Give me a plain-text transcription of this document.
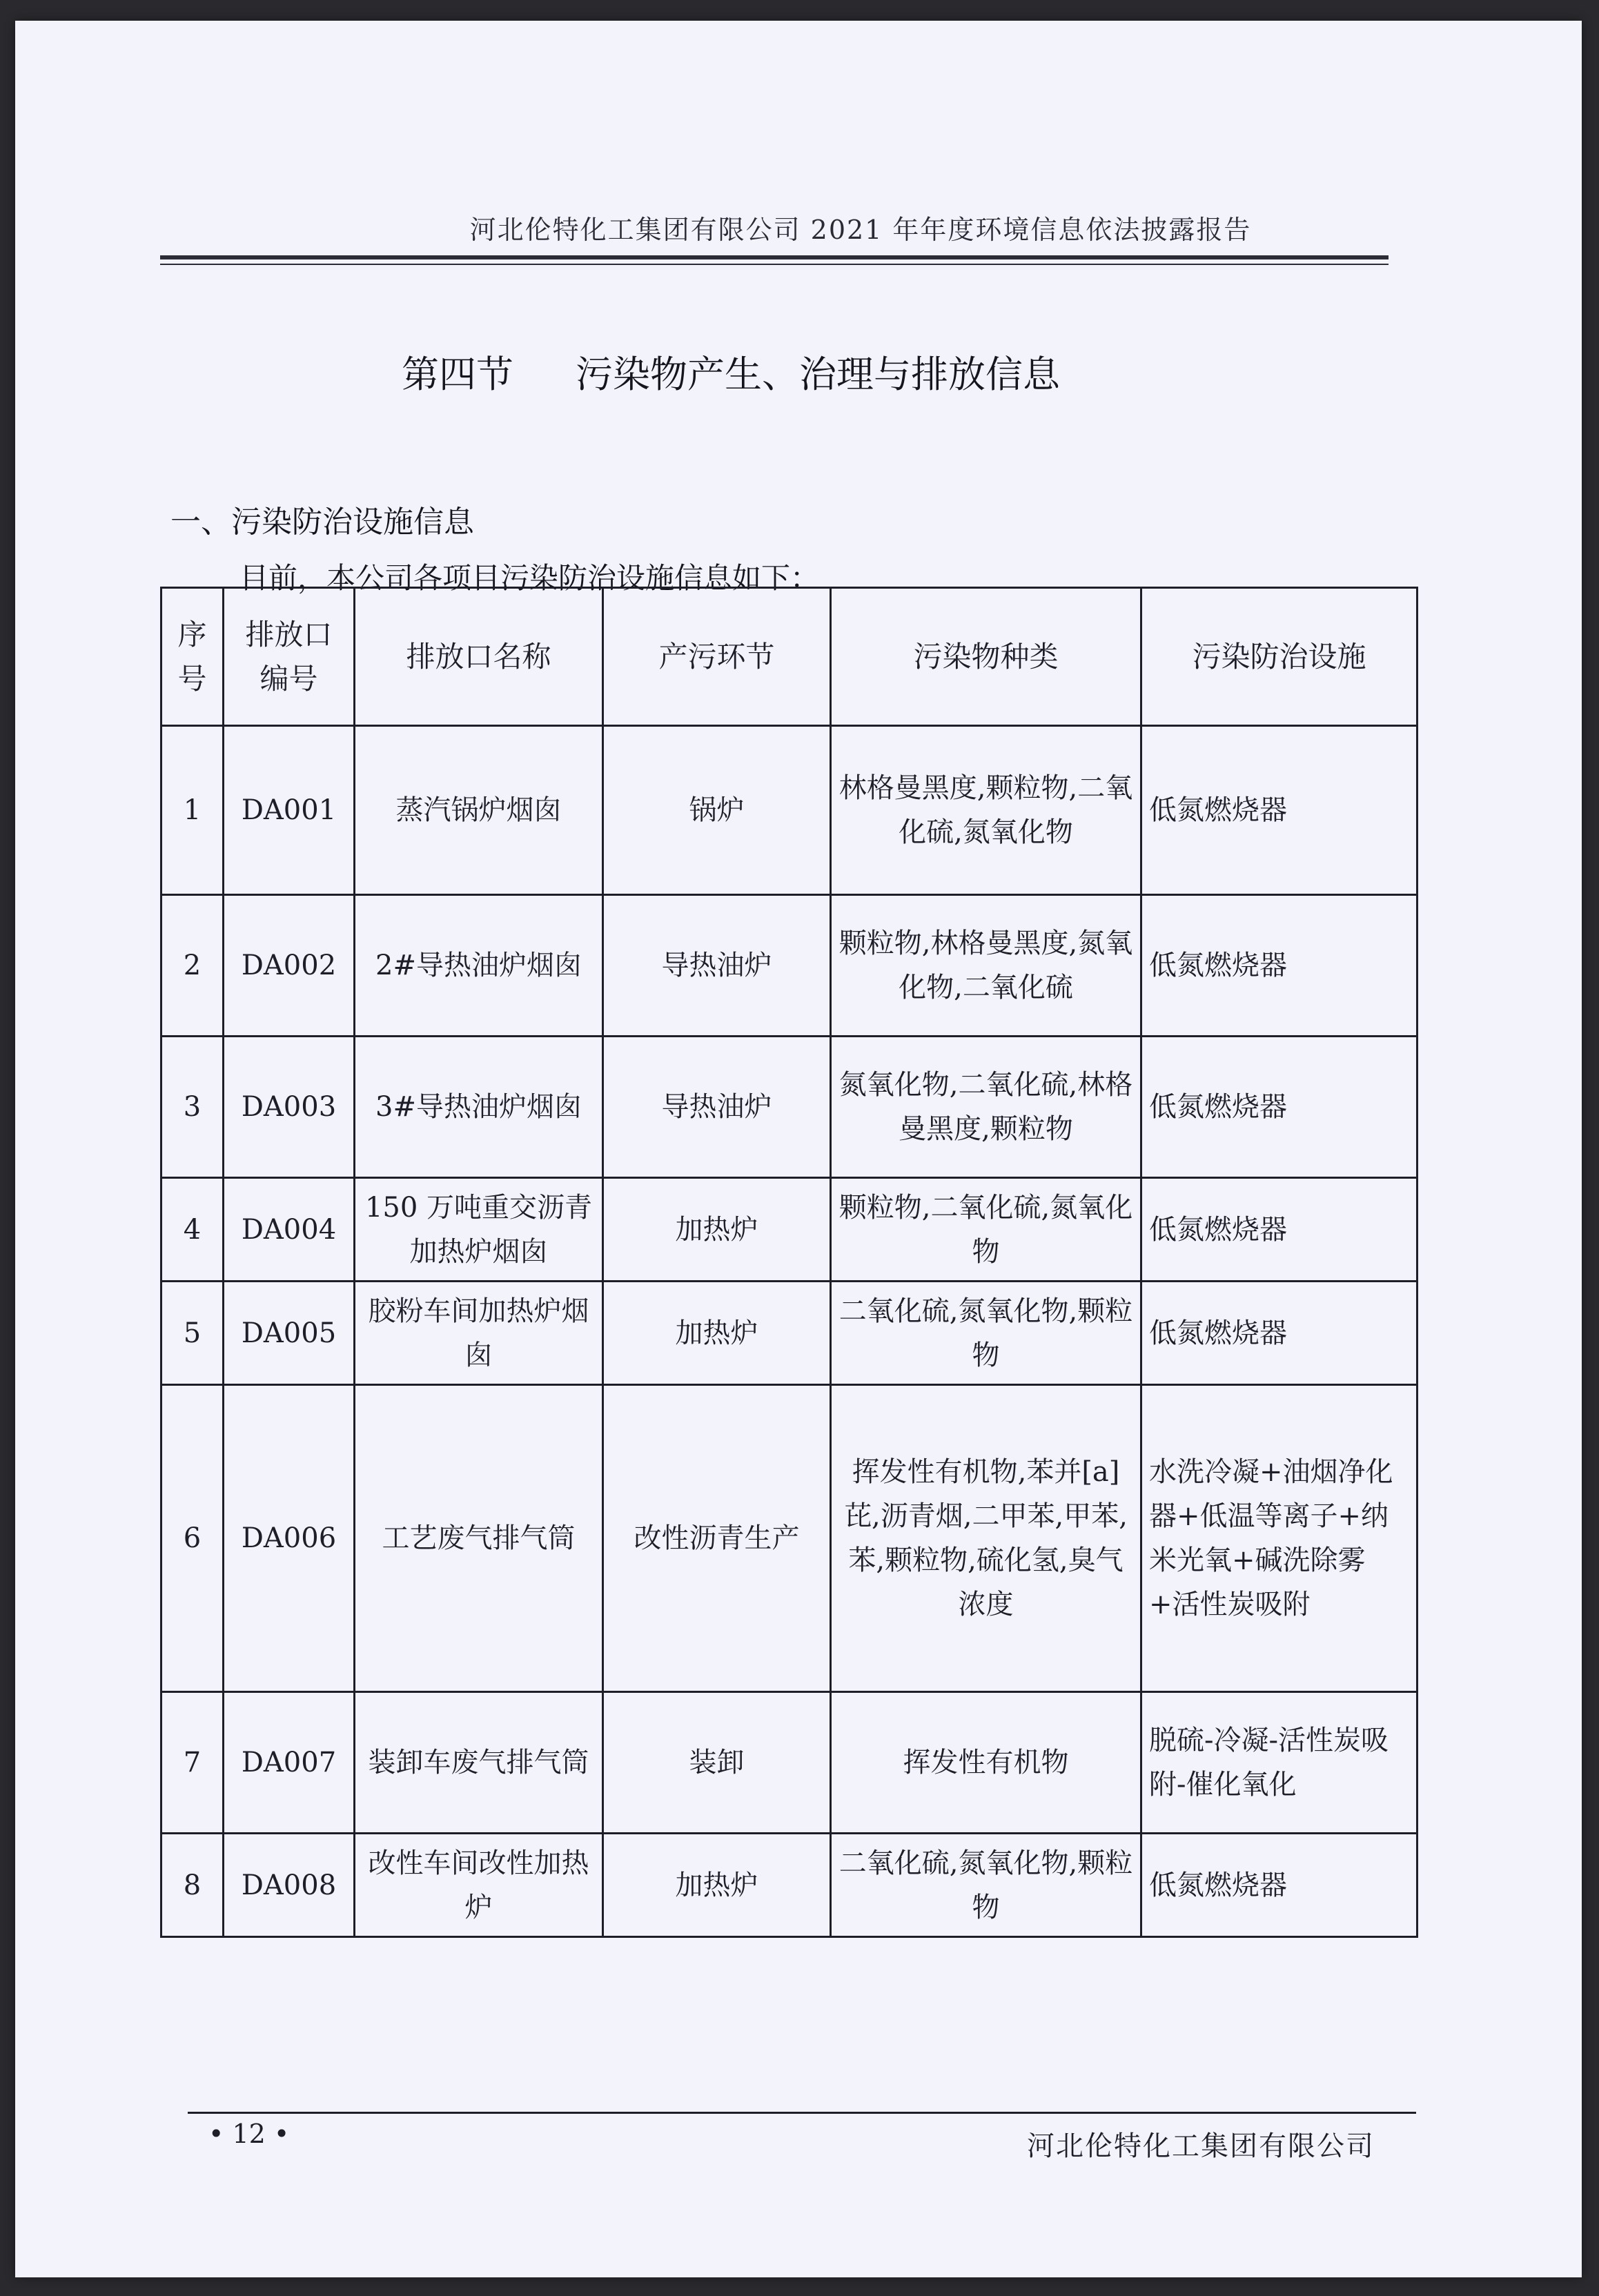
河北伦特化工集团有限公司 2021 年年度环境信息依法披露报告
第四节 污染物产生、治理与排放信息
一、污染防治设施信息
目前，本公司各项目污染防治设施信息如下：
序号	排放口编号	排放口名称	产污环节	污染物种类	污染防治设施
1	DA001	蒸汽锅炉烟囱	锅炉	林格曼黑度,颗粒物,二氧化硫,氮氧化物	低氮燃烧器
2	DA002	2#导热油炉烟囱	导热油炉	颗粒物,林格曼黑度,氮氧化物,二氧化硫	低氮燃烧器
3	DA003	3#导热油炉烟囱	导热油炉	氮氧化物,二氧化硫,林格曼黑度,颗粒物	低氮燃烧器
4	DA004	150 万吨重交沥青加热炉烟囱	加热炉	颗粒物,二氧化硫,氮氧化物	低氮燃烧器
5	DA005	胶粉车间加热炉烟囱	加热炉	二氧化硫,氮氧化物,颗粒物	低氮燃烧器
6	DA006	工艺废气排气筒	改性沥青生产	挥发性有机物,苯并[a]芘,沥青烟,二甲苯,甲苯,苯,颗粒物,硫化氢,臭气浓度	水洗冷凝+油烟净化器+低温等离子+纳米光氧+碱洗除雾+活性炭吸附
7	DA007	装卸车废气排气筒	装卸	挥发性有机物	脱硫-冷凝-活性炭吸附-催化氧化
8	DA008	改性车间改性加热炉	加热炉	二氧化硫,氮氧化物,颗粒物	低氮燃烧器
• 12 •	河北伦特化工集团有限公司
